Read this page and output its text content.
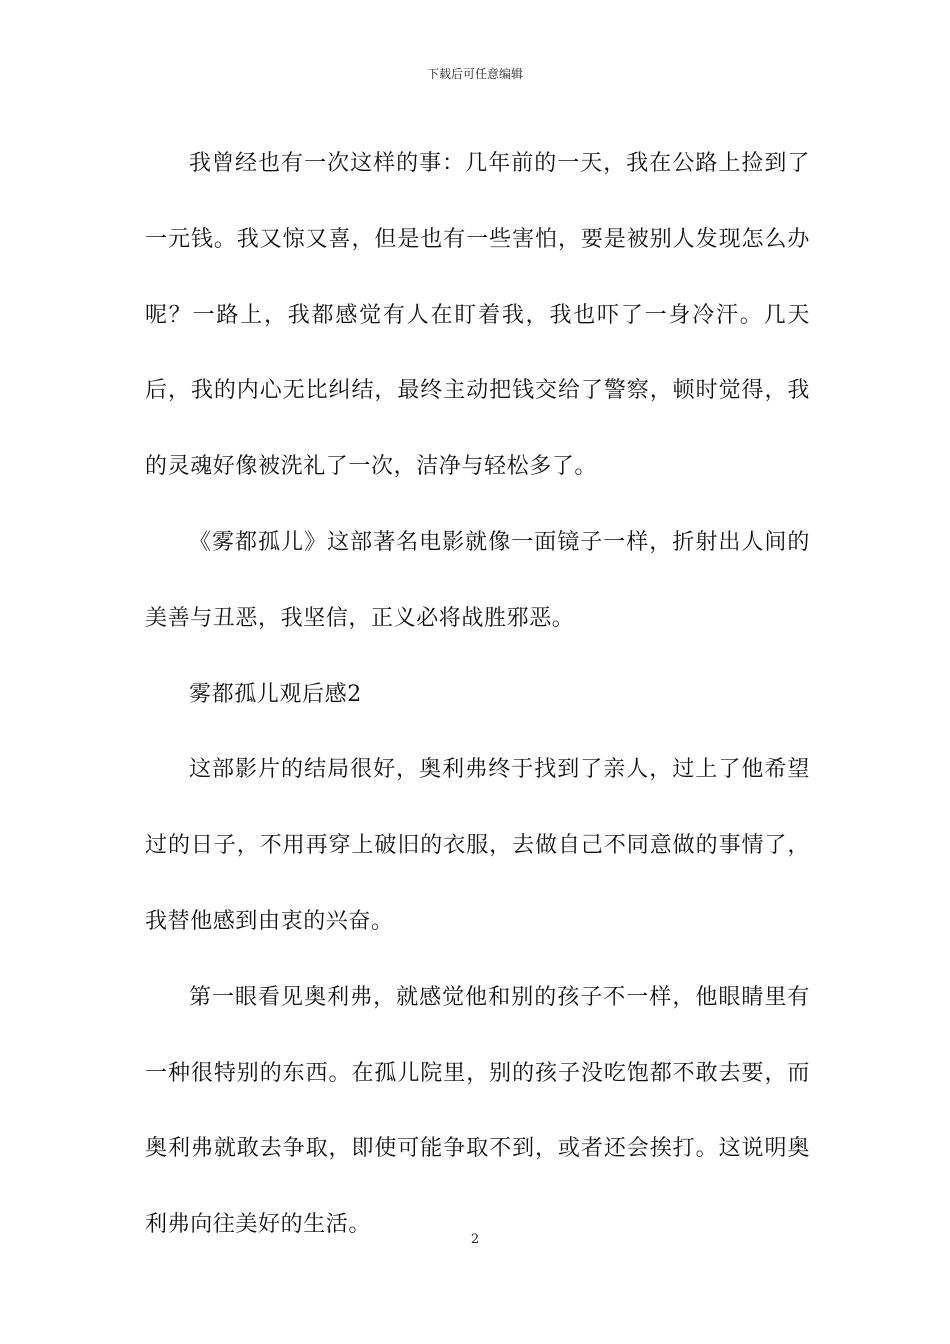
下载后可任意编辑

我曾经也有一次这样的事：几年前的一天，我在公路上捡到了一元钱。我又惊又喜，但是也有一些害怕，要是被别人发现怎么办呢？一路上，我都感觉有人在盯着我，我也吓了一身冷汗。几天后，我的内心无比纠结，最终主动把钱交给了警察，顿时觉得，我的灵魂好像被洗礼了一次，洁净与轻松多了。

《雾都孤儿》这部著名电影就像一面镜子一样，折射出人间的美善与丑恶，我坚信，正义必将战胜邪恶。

雾都孤儿观后感2

这部影片的结局很好，奥利弗终于找到了亲人，过上了他希望过的日子，不用再穿上破旧的衣服，去做自己不同意做的事情了，我替他感到由衷的兴奋。

第一眼看见奥利弗，就感觉他和别的孩子不一样，他眼睛里有一种很特别的东西。在孤儿院里，别的孩子没吃饱都不敢去要，而奥利弗就敢去争取，即使可能争取不到，或者还会挨打。这说明奥利弗向往美好的生活。

2
